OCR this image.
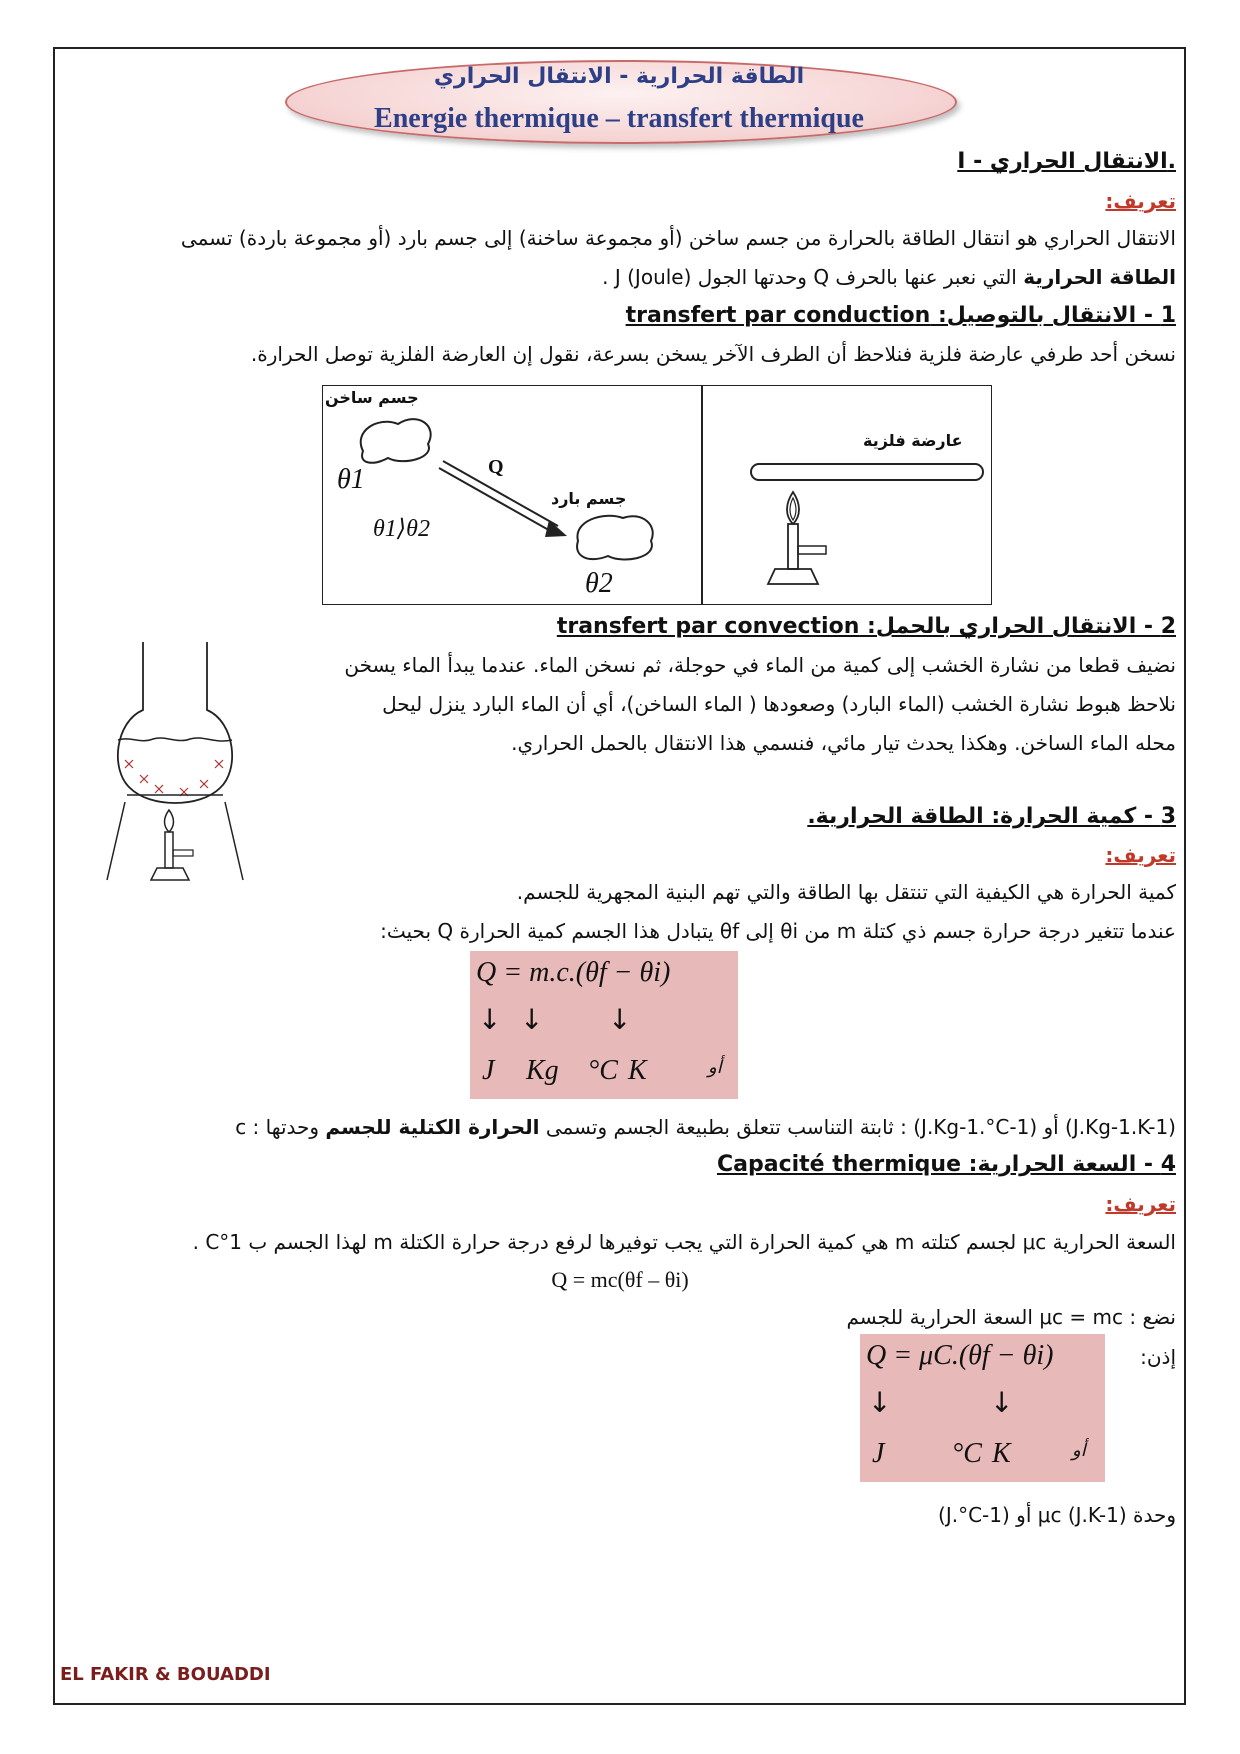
الطاقة الحرارية - الانتقال الحراري
Energie thermique – transfert thermique
I - الانتقال الحراري.
تعريف:
الانتقال الحراري هو انتقال الطاقة بالحرارة من جسم ساخن (أو مجموعة ساخنة) إلى جسم بارد (أو مجموعة باردة) تسمى
الطاقة الحرارية التي نعبر عنها بالحرف Q وحدتها الجول J (Joule) .
1 - الانتقال بالتوصيل: transfert par conduction
نسخن أحد طرفي عارضة فلزية فنلاحظ أن الطرف الآخر يسخن بسرعة، نقول إن العارضة الفلزية توصل الحرارة.
جسم ساخن
جسم بارد
Q
θ1
θ1⟩θ2
θ2
عارضة فلزية
2 - الانتقال الحراري بالحمل: transfert par convection
نضيف قطعا من نشارة الخشب إلى كمية من الماء في حوجلة، ثم نسخن الماء. عندما يبدأ الماء يسخن
نلاحظ هبوط نشارة الخشب (الماء البارد) وصعودها ( الماء الساخن)، أي أن الماء البارد ينزل ليحل
محله الماء الساخن. وهكذا يحدث تيار مائي، فنسمي هذا الانتقال بالحمل الحراري.
3 - كمية الحرارة: الطاقة الحرارية.
تعريف:
كمية الحرارة هي الكيفية التي تنتقل بها الطاقة والتي تهم البنية المجهرية للجسم.
عندما تتغير درجة حرارة جسم ذي كتلة m من θi إلى θf يتبادل هذا الجسم كمية الحرارة Q بحيث:
Q = m.c.(θf − θi)
↓ ↓ ↓
J Kg °C K	أو
c : ثابتة التناسب تتعلق بطبيعة الجسم وتسمى الحرارة الكتلية للجسم وحدتها : (J.Kg-1.°C-1) أو (J.Kg-1.K-1)
4 - السعة الحرارية: Capacité thermique
تعريف:
السعة الحرارية μc لجسم كتلته m هي كمية الحرارة التي يجب توفيرها لرفع درجة حرارة الكتلة m لهذا الجسم ب 1°C .
Q = mc(θf – θi)
نضع : μc = mc السعة الحرارية للجسم
إذن:
Q = μC.(θf − θi)
↓	↓
J °C K	أو
وحدة μc (J.K-1) أو (J.°C-1)
EL FAKIR & BOUADDI
